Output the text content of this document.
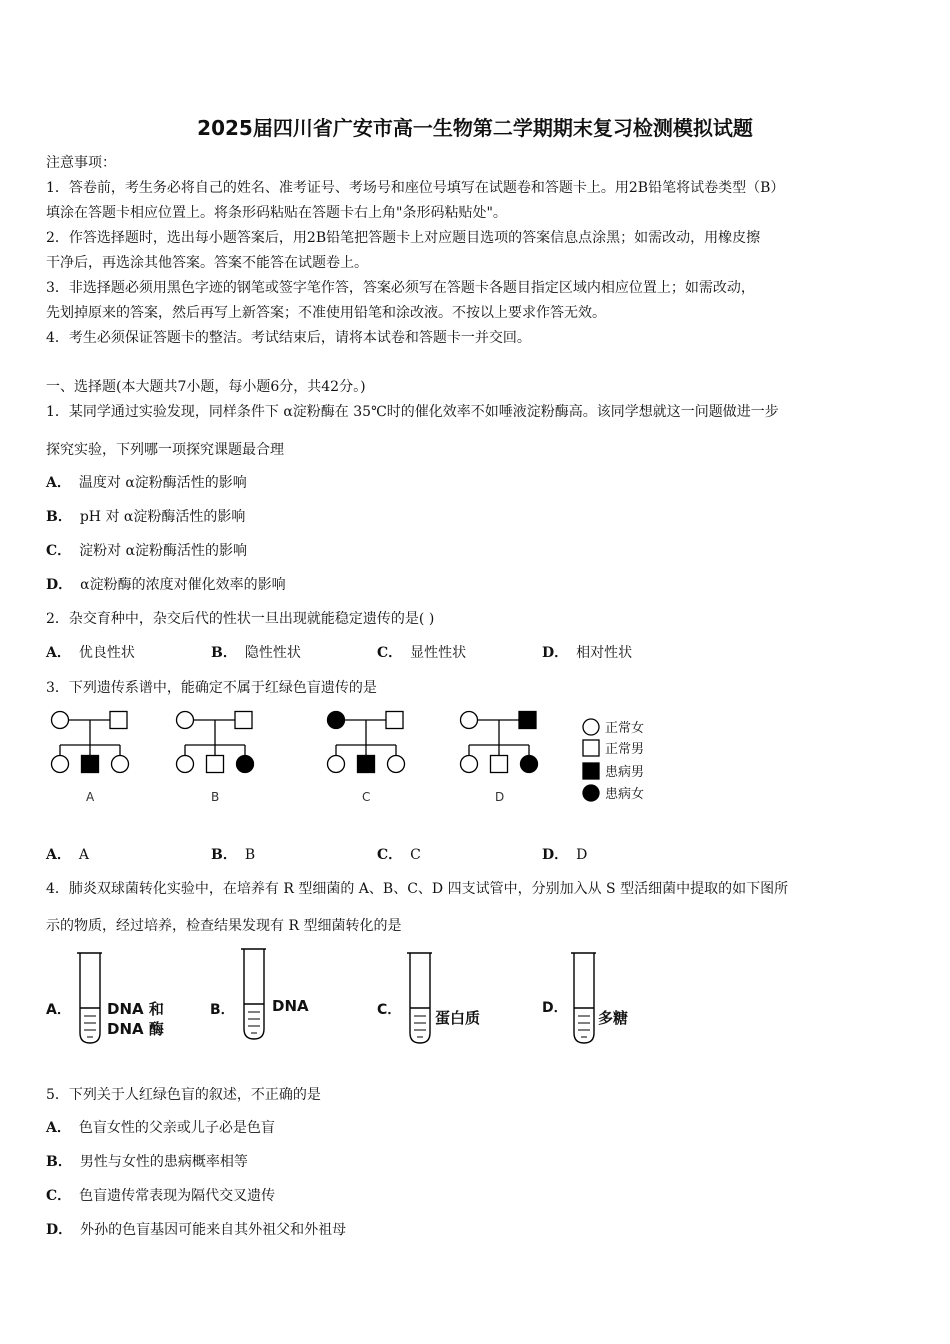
2025届四川省广安市高一生物第二学期期末复习检测模拟试题
注意事项：
1．答卷前，考生务必将自己的姓名、准考证号、考场号和座位号填写在试题卷和答题卡上。用2B铅笔将试卷类型（B）
填涂在答题卡相应位置上。将条形码粘贴在答题卡右上角"条形码粘贴处"。
2．作答选择题时，选出每小题答案后，用2B铅笔把答题卡上对应题目选项的答案信息点涂黑；如需改动，用橡皮擦
干净后，再选涂其他答案。答案不能答在试题卷上。
3．非选择题必须用黑色字迹的钢笔或签字笔作答，答案必须写在答题卡各题目指定区域内相应位置上；如需改动，
先划掉原来的答案，然后再写上新答案；不准使用铅笔和涂改液。不按以上要求作答无效。
4．考生必须保证答题卡的整洁。考试结束后，请将本试卷和答题卡一并交回。
一、选择题(本大题共7小题，每小题6分，共42分。)
1．某同学通过实验发现，同样条件下 α淀粉酶在 35℃时的催化效率不如唾液淀粉酶高。该同学想就这一问题做进一步
探究实验，下列哪一项探究课题最合理
A． 温度对 α淀粉酶活性的影响
B． pH 对 α淀粉酶活性的影响
C． 淀粉对 α淀粉酶活性的影响
D． α淀粉酶的浓度对催化效率的影响
2．杂交育种中，杂交后代的性状一旦出现就能稳定遗传的是( )
A． 优良性状	B． 隐性性状	C． 显性性状	D． 相对性状
3．下列遗传系谱中，能确定不属于红绿色盲遗传的是
A	B	C	D
正常女
正常男
患病男
患病女
A． A	B． B	C． C	D． D
4．肺炎双球菌转化实验中，在培养有 R 型细菌的 A、B、C、D 四支试管中，分别加入从 S 型活细菌中提取的如下图所
示的物质，经过培养，检查结果发现有 R 型细菌转化的是
A．	B．	C．	D．
DNA 和
DNA 酶
DNA
蛋白质	多糖
5．下列关于人红绿色盲的叙述，不正确的是
A． 色盲女性的父亲或儿子必是色盲
B． 男性与女性的患病概率相等
C． 色盲遗传常表现为隔代交叉遗传
D． 外孙的色盲基因可能来自其外祖父和外祖母
